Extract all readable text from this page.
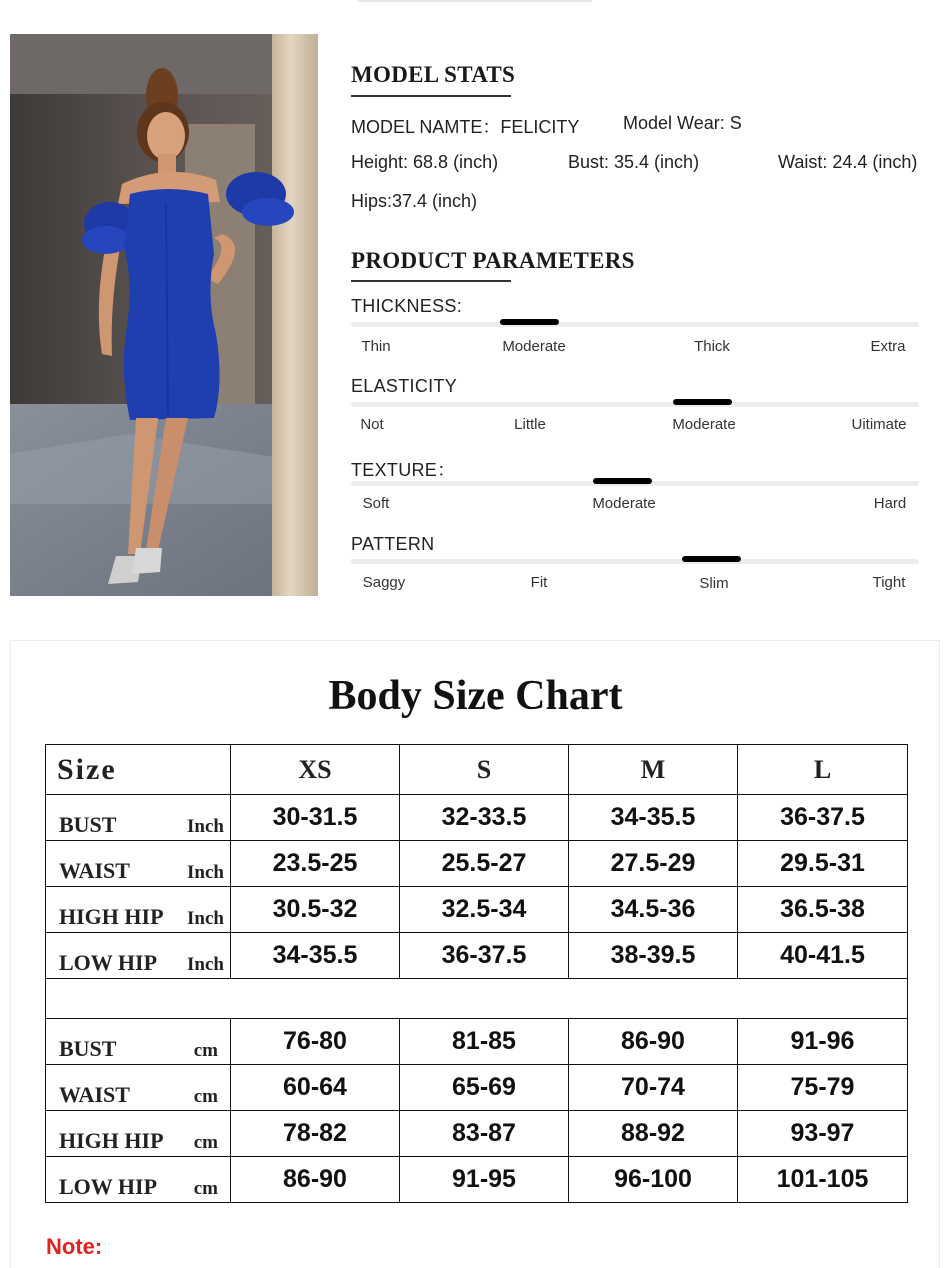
MODEL STATS
MODEL NAMTE：FELICITY Model Wear: S
Height: 68.8 (inch)	Bust: 35.4 (inch)	Waist: 24.4 (inch)
Hips:37.4 (inch)
PRODUCT PARAMETERS
THICKNESS:
Thin	Moderate	Thick	Extra
ELASTICITY
Not	Little	Moderate	Uitimate
TEXTURE：
Soft	Moderate	Hard
PATTERN
Saggy	Fit	Slim	Tight
Body Size Chart
Size	XS	S	M	L

BUST Inch	30-31.5	32-33.5	34-35.5	36-37.5

WAIST Inch	23.5-25	25.5-27	27.5-29	29.5-31

HIGH HIP Inch	30.5-32	32.5-34	34.5-36	36.5-38

LOW HIP Inch	34-35.5	36-37.5	38-39.5	40-41.5

BUST cm	76-80	81-85	86-90	91-96

WAIST cm	60-64	65-69	70-74	75-79

HIGH HIP cm	78-82	83-87	88-92	93-97

LOW HIP cm	86-90	91-95	96-100	101-105
Note:
